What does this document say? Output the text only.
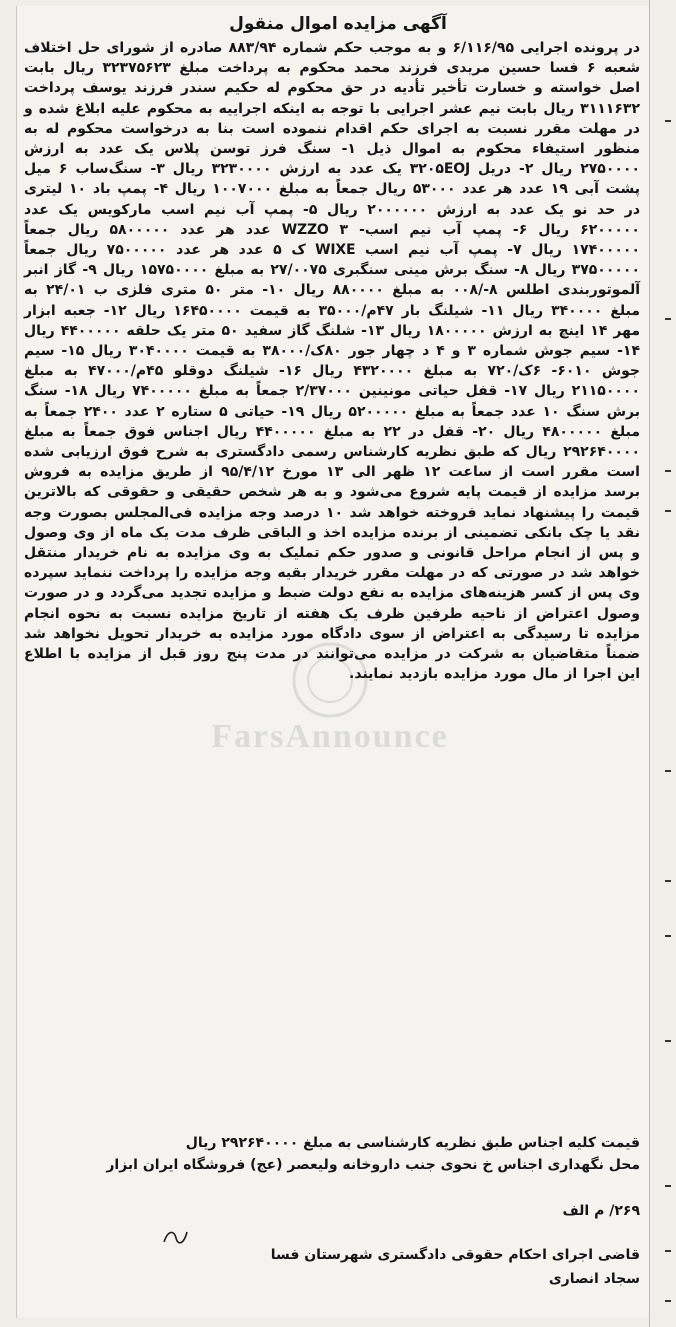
آگهی مزایده اموال منقول
در پرونده اجرایی ۶/۱۱۶/۹۵ و به موجب حکم شماره ۸۸۳/۹۴ صادره از شورای حل اختلاف شعبه ۶ فسا حسین مریدی فرزند محمد محکوم به پرداخت مبلغ ۳۲۳۷۵۶۲۳ ریال بابت اصل خواسته و خسارت تأخیر تأدیه در حق محکوم له حکیم سندر فرزند یوسف پرداخت ۳۱۱۱۶۳۲ ریال بابت نیم عشر اجرایی با توجه به اینکه اجراییه به محکوم علیه ابلاغ شده و در مهلت مقرر نسبت به اجرای حکم اقدام ننموده است بنا به درخواست محکوم له به منظور استیفاء محکوم به اموال ذیل ۱- سنگ فرز توسن پلاس یک عدد به ارزش ۲۷۵۰۰۰۰ ریال ۲- دریل ۳۲۰۵EOJ یک عدد به ارزش ۳۲۳۰۰۰۰ ریال ۳- سنگ‌ساب ۶ میل پشت آبی ۱۹ عدد هر عدد ۵۳۰۰۰ ریال جمعاً به مبلغ ۱۰۰۷۰۰۰ ریال ۴- پمپ باد ۱۰ لیتری در حد نو یک عدد به ارزش ۲۰۰۰۰۰۰ ریال ۵- پمپ آب نیم اسب مارکویس یک عدد ۶۲۰۰۰۰۰ ریال ۶- پمپ آب نیم اسب- WZZO ۳ عدد هر عدد ۵۸۰۰۰۰۰ ریال جمعاً ۱۷۴۰۰۰۰۰ ریال ۷- پمپ آب نیم اسب WIXE ک ۵ عدد هر عدد ۷۵۰۰۰۰۰ ریال جمعاً ۳۷۵۰۰۰۰۰ ریال ۸- سنگ برش مینی سنگبری ۲۷/۰۰۷۵ به مبلغ ۱۵۷۵۰۰۰۰ ریال ۹- گاز انبر آلموتوربندی اطلس ۸-/۰۰۸ به مبلغ ۸۸۰۰۰۰ ریال ۱۰- متر ۵۰ متری فلزی ب ۲۴/۰۱ به مبلغ ۳۴۰۰۰۰ ریال ۱۱- شیلنگ بار ۴۷م/۳۵۰۰۰ به قیمت ۱۶۴۵۰۰۰۰ ریال ۱۲- جعبه ابزار مهر ۱۴ اینچ به ارزش ۱۸۰۰۰۰۰ ریال ۱۳- شلنگ گاز سفید ۵۰ متر یک حلقه ۴۴۰۰۰۰۰ ریال ۱۴- سیم جوش شماره ۳ و ۴ د چهار جور ۸۰ک/۳۸۰۰۰ به قیمت ۳۰۴۰۰۰۰ ریال ۱۵- سیم جوش ۶۰۱۰- ۶ک/۷۲۰ به مبلغ ۴۳۲۰۰۰۰ ریال ۱۶- شیلنگ دوقلو ۴۵م/۴۷۰۰۰ به مبلغ ۲۱۱۵۰۰۰۰ ریال ۱۷- قفل حیاتی مونینین ۲/۳۷۰۰۰ جمعاً به مبلغ ۷۴۰۰۰۰۰ ریال ۱۸- سنگ برش سنگ ۱۰ عدد جمعاً به مبلغ ۵۲۰۰۰۰۰ ریال ۱۹- حیاتی ۵ ستاره ۲ عدد ۲۴۰۰ جمعاً به مبلغ ۴۸۰۰۰۰۰ ریال ۲۰- قفل در ۲۲ به مبلغ ۴۴۰۰۰۰۰ ریال اجناس فوق جمعاً به مبلغ ۲۹۲۶۴۰۰۰۰ ریال که طبق نظریه کارشناس رسمی دادگستری به شرح فوق ارزیابی شده است مقرر است از ساعت ۱۲ ظهر الی ۱۳ مورخ ۹۵/۴/۱۲ از طریق مزایده به فروش برسد مزایده از قیمت پایه شروع می‌شود و به هر شخص حقیقی و حقوقی که بالاترین قیمت را پیشنهاد نماید فروخته خواهد شد ۱۰ درصد وجه مزایده فی‌المجلس بصورت وجه نقد یا چک بانکی تضمینی از برنده مزایده اخذ و الباقی ظرف مدت یک ماه از وی وصول و پس از انجام مراحل قانونی و صدور حکم تملیک به وی مزایده به نام خریدار منتقل خواهد شد در صورتی که در مهلت مقرر خریدار بقیه وجه مزایده را پرداخت ننماید سپرده وی پس از کسر هزینه‌های مزایده به نفع دولت ضبط و مزایده تجدید می‌گردد و در صورت وصول اعتراض از ناحیه طرفین ظرف یک هفته از تاریخ مزایده نسبت به نحوه انجام مزایده تا رسیدگی به اعتراض از سوی دادگاه مورد مزایده به خریدار تحویل نخواهد شد ضمناً متقاضیان به شرکت در مزایده می‌توانند در مدت پنج روز قبل از مزایده با اطلاع این اجرا از مال مورد مزایده بازدید نمایند.
قیمت کلیه اجناس طبق نظریه کارشناسی به مبلغ ۲۹۲۶۴۰۰۰۰ ریال
محل نگهداری اجناس خ نحوی جنب داروخانه ولیعصر (عج) فروشگاه ایران ابزار
۲۶۹/ م الف
قاضی اجرای احکام حقوقی دادگستری شهرستان فسا
سجاد انصاری
